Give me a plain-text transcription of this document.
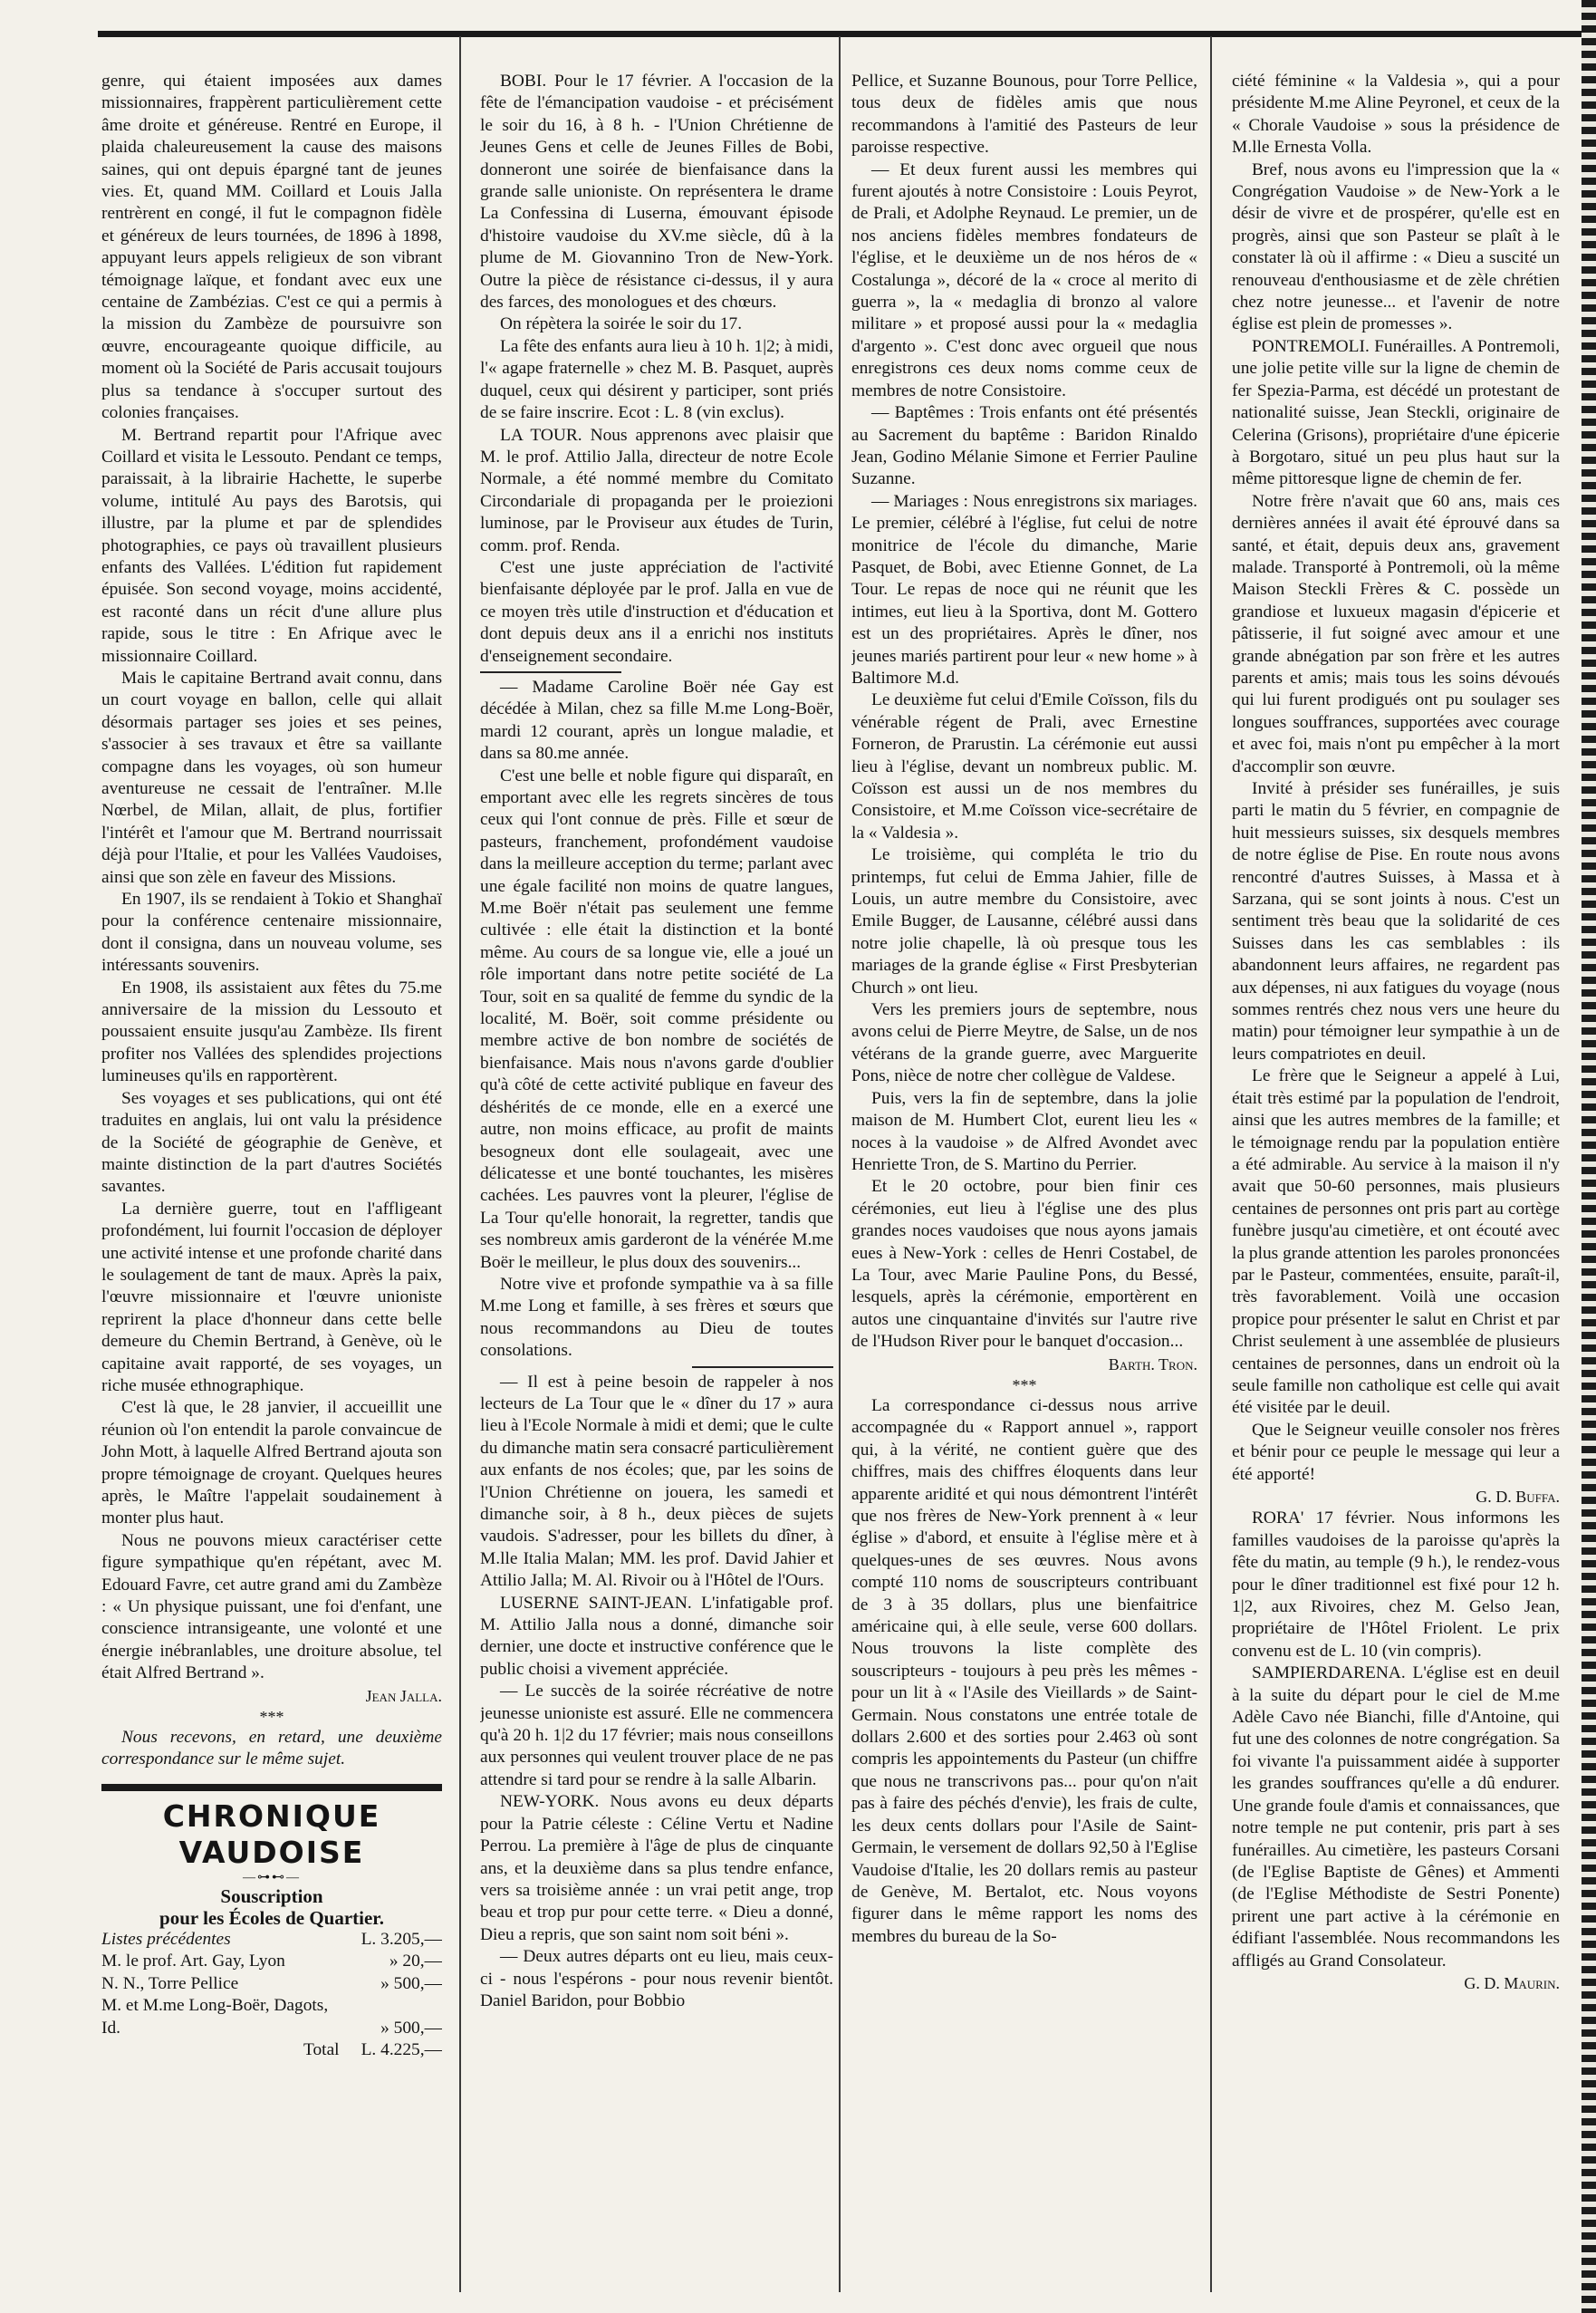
genre, qui étaient imposées aux dames missionnaires, frappèrent particulièrement cette âme droite et généreuse. Rentré en Europe, il plaida chaleureusement la cause des maisons saines, qui ont depuis épargné tant de jeunes vies. Et, quand MM. Coillard et Louis Jalla rentrèrent en congé, il fut le compagnon fidèle et généreux de leurs tournées, de 1896 à 1898, appuyant leurs appels religieux de son vibrant témoignage laïque, et fondant avec eux une centaine de Zambézias. C'est ce qui a permis à la mission du Zambèze de poursuivre son œuvre, encourageante quoique difficile, au moment où la Société de Paris accusait toujours plus sa tendance à s'occuper surtout des colonies françaises.

M. Bertrand repartit pour l'Afrique avec Coillard et visita le Lessouto. Pendant ce temps, paraissait, à la librairie Hachette, le superbe volume, intitulé Au pays des Barotsis, qui illustre, par la plume et par de splendides photographies, ce pays où travaillent plusieurs enfants des Vallées. L'édition fut rapidement épuisée. Son second voyage, moins accidenté, est raconté dans un récit d'une allure plus rapide, sous le titre : En Afrique avec le missionnaire Coillard.

Mais le capitaine Bertrand avait connu, dans un court voyage en ballon, celle qui allait désormais partager ses joies et ses peines, s'associer à ses travaux et être sa vaillante compagne dans les voyages, où son humeur aventureuse ne cessait de l'entraîner. M.lle Nœrbel, de Milan, allait, de plus, fortifier l'intérêt et l'amour que M. Bertrand nourrissait déjà pour l'Italie, et pour les Vallées Vaudoises, ainsi que son zèle en faveur des Missions.

En 1907, ils se rendaient à Tokio et Shanghaï pour la conférence centenaire missionnaire, dont il consigna, dans un nouveau volume, ses intéressants souvenirs.

En 1908, ils assistaient aux fêtes du 75.me anniversaire de la mission du Lessouto et poussaient ensuite jusqu'au Zambèze. Ils firent profiter nos Vallées des splendides projections lumineuses qu'ils en rapportèrent.

Ses voyages et ses publications, qui ont été traduites en anglais, lui ont valu la présidence de la Société de géographie de Genève, et mainte distinction de la part d'autres Sociétés savantes.

La dernière guerre, tout en l'affligeant profondément, lui fournit l'occasion de déployer une activité intense et une profonde charité dans le soulagement de tant de maux. Après la paix, l'œuvre missionnaire et l'œuvre unioniste reprirent la place d'honneur dans cette belle demeure du Chemin Bertrand, à Genève, où le capitaine avait rapporté, de ses voyages, un riche musée ethnographique.

C'est là que, le 28 janvier, il accueillit une réunion où l'on entendit la parole convaincue de John Mott, à laquelle Alfred Bertrand ajouta son propre témoignage de croyant. Quelques heures après, le Maître l'appelait soudainement à monter plus haut.

Nous ne pouvons mieux caractériser cette figure sympathique qu'en répétant, avec M. Edouard Favre, cet autre grand ami du Zambèze : « Un physique puissant, une foi d'enfant, une conscience intransigeante, une volonté et une énergie inébranlables, une droiture absolue, tel était Alfred Bertrand ».

Jean Jalla.

***

Nous recevons, en retard, une deuxième correspondance sur le même sujet.

CHRONIQUE VAUDOISE

—⊶⊷—

Souscription

pour les Écoles de Quartier.

Listes précédentes	L. 3.205,—
M. le prof. Art. Gay, Lyon	» 20,—
N. N., Torre Pellice	» 500,—
M. et M.me Long-Boër, Dagots, Id.	» 500,—
Total L. 4.225,—

BOBI. Pour le 17 février. A l'occasion de la fête de l'émancipation vaudoise - et précisément le soir du 16, à 8 h. - l'Union Chrétienne de Jeunes Gens et celle de Jeunes Filles de Bobi, donneront une soirée de bienfaisance dans la grande salle unioniste. On représentera le drame La Confessina di Luserna, émouvant épisode d'histoire vaudoise du XV.me siècle, dû à la plume de M. Giovannino Tron de New-York. Outre la pièce de résistance ci-dessus, il y aura des farces, des monologues et des chœurs.

On répètera la soirée le soir du 17.

La fête des enfants aura lieu à 10 h. 1|2; à midi, l'« agape fraternelle » chez M. B. Pasquet, auprès duquel, ceux qui désirent y participer, sont priés de se faire inscrire. Ecot : L. 8 (vin exclus).

LA TOUR. Nous apprenons avec plaisir que M. le prof. Attilio Jalla, directeur de notre Ecole Normale, a été nommé membre du Comitato Circondariale di propaganda per le proiezioni luminose, par le Proviseur aux études de Turin, comm. prof. Renda.

C'est une juste appréciation de l'activité bienfaisante déployée par le prof. Jalla en vue de ce moyen très utile d'instruction et d'éducation et dont depuis deux ans il a enrichi nos instituts d'enseignement secondaire.

— Madame Caroline Boër née Gay est décédée à Milan, chez sa fille M.me Long-Boër, mardi 12 courant, après un longue maladie, et dans sa 80.me année.

C'est une belle et noble figure qui disparaît, en emportant avec elle les regrets sincères de tous ceux qui l'ont connue de près. Fille et sœur de pasteurs, franchement, profondément vaudoise dans la meilleure acception du terme; parlant avec une égale facilité non moins de quatre langues, M.me Boër n'était pas seulement une femme cultivée : elle était la distinction et la bonté même. Au cours de sa longue vie, elle a joué un rôle important dans notre petite société de La Tour, soit en sa qualité de femme du syndic de la localité, M. Boër, soit comme présidente ou membre active de bon nombre de sociétés de bienfaisance. Mais nous n'avons garde d'oublier qu'à côté de cette activité publique en faveur des déshérités de ce monde, elle en a exercé une autre, non moins efficace, au profit de maints besogneux dont elle soulageait, avec une délicatesse et une bonté touchantes, les misères cachées. Les pauvres vont la pleurer, l'église de La Tour qu'elle honorait, la regretter, tandis que ses nombreux amis garderont de la vénérée M.me Boër le meilleur, le plus doux des souvenirs...

Notre vive et profonde sympathie va à sa fille M.me Long et famille, à ses frères et sœurs que nous recommandons au Dieu de toutes consolations.

— Il est à peine besoin de rappeler à nos lecteurs de La Tour que le « dîner du 17 » aura lieu à l'Ecole Normale à midi et demi; que le culte du dimanche matin sera consacré particulièrement aux enfants de nos écoles; que, par les soins de l'Union Chrétienne on jouera, les samedi et dimanche soir, à 8 h., deux pièces de sujets vaudois. S'adresser, pour les billets du dîner, à M.lle Italia Malan; MM. les prof. David Jahier et Attilio Jalla; M. Al. Rivoir ou à l'Hôtel de l'Ours.

LUSERNE SAINT-JEAN. L'infatigable prof. M. Attilio Jalla nous a donné, dimanche soir dernier, une docte et instructive conférence que le public choisi a vivement appréciée.

— Le succès de la soirée récréative de notre jeunesse unioniste est assuré. Elle ne commencera qu'à 20 h. 1|2 du 17 février; mais nous conseillons aux personnes qui veulent trouver place de ne pas attendre si tard pour se rendre à la salle Albarin.

NEW-YORK. Nous avons eu deux départs pour la Patrie céleste : Céline Vertu et Nadine Perrou. La première à l'âge de plus de cinquante ans, et la deuxième dans sa plus tendre enfance, vers sa troisième année : un vrai petit ange, trop beau et trop pur pour cette terre. « Dieu a donné, Dieu a repris, que son saint nom soit béni ».

— Deux autres départs ont eu lieu, mais ceux-ci - nous l'espérons - pour nous revenir bientôt. Daniel Baridon, pour Bobbio

Pellice, et Suzanne Bounous, pour Torre Pellice, tous deux de fidèles amis que nous recommandons à l'amitié des Pasteurs de leur paroisse respective.

— Et deux furent aussi les membres qui furent ajoutés à notre Consistoire : Louis Peyrot, de Prali, et Adolphe Reynaud. Le premier, un de nos anciens fidèles membres fondateurs de l'église, et le deuxième un de nos héros de « Costalunga », décoré de la « croce al merito di guerra », la « medaglia di bronzo al valore militare » et proposé aussi pour la « medaglia d'argento ». C'est donc avec orgueil que nous enregistrons ces deux noms comme ceux de membres de notre Consistoire.

— Baptêmes : Trois enfants ont été présentés au Sacrement du baptême : Baridon Rinaldo Jean, Godino Mélanie Simone et Ferrier Pauline Suzanne.

— Mariages : Nous enregistrons six mariages. Le premier, célébré à l'église, fut celui de notre monitrice de l'école du dimanche, Marie Pasquet, de Bobi, avec Etienne Gonnet, de La Tour. Le repas de noce qui ne réunit que les intimes, eut lieu à la Sportiva, dont M. Gottero est un des propriétaires. Après le dîner, nos jeunes mariés partirent pour leur « new home » à Baltimore M.d.

Le deuxième fut celui d'Emile Coïsson, fils du vénérable régent de Prali, avec Ernestine Forneron, de Prarustin. La cérémonie eut aussi lieu à l'église, devant un nombreux public. M. Coïsson est aussi un de nos membres du Consistoire, et M.me Coïsson vice-secrétaire de la « Valdesia ».

Le troisième, qui compléta le trio du printemps, fut celui de Emma Jahier, fille de Louis, un autre membre du Consistoire, avec Emile Bugger, de Lausanne, célébré aussi dans notre jolie chapelle, là où presque tous les mariages de la grande église « First Presbyterian Church » ont lieu.

Vers les premiers jours de septembre, nous avons celui de Pierre Meytre, de Salse, un de nos vétérans de la grande guerre, avec Marguerite Pons, nièce de notre cher collègue de Valdese.

Puis, vers la fin de septembre, dans la jolie maison de M. Humbert Clot, eurent lieu les « noces à la vaudoise » de Alfred Avondet avec Henriette Tron, de S. Martino du Perrier.

Et le 20 octobre, pour bien finir ces cérémonies, eut lieu à l'église une des plus grandes noces vaudoises que nous ayons jamais eues à New-York : celles de Henri Costabel, de La Tour, avec Marie Pauline Pons, du Bessé, lesquels, après la cérémonie, emportèrent en autos une cinquantaine d'invités sur l'autre rive de l'Hudson River pour le banquet d'occasion...

Barth. Tron.

***

La correspondance ci-dessus nous arrive accompagnée du « Rapport annuel », rapport qui, à la vérité, ne contient guère que des chiffres, mais des chiffres éloquents dans leur apparente aridité et qui nous démontrent l'intérêt que nos frères de New-York prennent à « leur église » d'abord, et ensuite à l'église mère et à quelques-unes de ses œuvres. Nous avons compté 110 noms de souscripteurs contribuant de 3 à 35 dollars, plus une bienfaitrice américaine qui, à elle seule, verse 600 dollars. Nous trouvons la liste complète des souscripteurs - toujours à peu près les mêmes - pour un lit à « l'Asile des Vieillards » de Saint-Germain. Nous constatons une entrée totale de dollars 2.600 et des sorties pour 2.463 où sont compris les appointements du Pasteur (un chiffre que nous ne transcrivons pas... pour qu'on n'ait pas à faire des péchés d'envie), les frais de culte, les deux cents dollars pour l'Asile de Saint-Germain, le versement de dollars 92,50 à l'Eglise Vaudoise d'Italie, les 20 dollars remis au pasteur de Genève, M. Bertalot, etc. Nous voyons figurer dans le même rapport les noms des membres du bureau de la So-

ciété féminine « la Valdesia », qui a pour présidente M.me Aline Peyronel, et ceux de la « Chorale Vaudoise » sous la présidence de M.lle Ernesta Volla.

Bref, nous avons eu l'impression que la « Congrégation Vaudoise » de New-York a le désir de vivre et de prospérer, qu'elle est en progrès, ainsi que son Pasteur se plaît à le constater là où il affirme : « Dieu a suscité un renouveau d'enthousiasme et de zèle chrétien chez notre jeunesse... et l'avenir de notre église est plein de promesses ».

PONTREMOLI. Funérailles. A Pontremoli, une jolie petite ville sur la ligne de chemin de fer Spezia-Parma, est décédé un protestant de nationalité suisse, Jean Steckli, originaire de Celerina (Grisons), propriétaire d'une épicerie à Borgotaro, situé un peu plus haut sur la même pittoresque ligne de chemin de fer.

Notre frère n'avait que 60 ans, mais ces dernières années il avait été éprouvé dans sa santé, et était, depuis deux ans, gravement malade. Transporté à Pontremoli, où la même Maison Steckli Frères & C. possède un grandiose et luxueux magasin d'épicerie et pâtisserie, il fut soigné avec amour et une grande abnégation par son frère et les autres parents et amis; mais tous les soins dévoués qui lui furent prodigués ont pu soulager ses longues souffrances, supportées avec courage et avec foi, mais n'ont pu empêcher à la mort d'accomplir son œuvre.

Invité à présider ses funérailles, je suis parti le matin du 5 février, en compagnie de huit messieurs suisses, six desquels membres de notre église de Pise. En route nous avons rencontré d'autres Suisses, à Massa et à Sarzana, qui se sont joints à nous. C'est un sentiment très beau que la solidarité de ces Suisses dans les cas semblables : ils abandonnent leurs affaires, ne regardent pas aux dépenses, ni aux fatigues du voyage (nous sommes rentrés chez nous vers une heure du matin) pour témoigner leur sympathie à un de leurs compatriotes en deuil.

Le frère que le Seigneur a appelé à Lui, était très estimé par la population de l'endroit, ainsi que les autres membres de la famille; et le témoignage rendu par la population entière a été admirable. Au service à la maison il n'y avait que 50-60 personnes, mais plusieurs centaines de personnes ont pris part au cortège funèbre jusqu'au cimetière, et ont écouté avec la plus grande attention les paroles prononcées par le Pasteur, commentées, ensuite, paraît-il, très favorablement. Voilà une occasion propice pour présenter le salut en Christ et par Christ seulement à une assemblée de plusieurs centaines de personnes, dans un endroit où la seule famille non catholique est celle qui avait été visitée par le deuil.

Que le Seigneur veuille consoler nos frères et bénir pour ce peuple le message qui leur a été apporté!

G. D. Buffa.

RORA' 17 février. Nous informons les familles vaudoises de la paroisse qu'après la fête du matin, au temple (9 h.), le rendez-vous pour le dîner traditionnel est fixé pour 12 h. 1|2, aux Rivoires, chez M. Gelso Jean, propriétaire de l'Hôtel Friolent. Le prix convenu est de L. 10 (vin compris).

SAMPIERDARENA. L'église est en deuil à la suite du départ pour le ciel de M.me Adèle Cavo née Bianchi, fille d'Antoine, qui fut une des colonnes de notre congrégation. Sa foi vivante l'a puissamment aidée à supporter les grandes souffrances qu'elle a dû endurer. Une grande foule d'amis et connaissances, que notre temple ne put contenir, pris part à ses funérailles. Au cimetière, les pasteurs Corsani (de l'Eglise Baptiste de Gênes) et Ammenti (de l'Eglise Méthodiste de Sestri Ponente) prirent une part active à la cérémonie en édifiant l'assemblée. Nous recommandons les affligés au Grand Consolateur.

G. D. Maurin.
